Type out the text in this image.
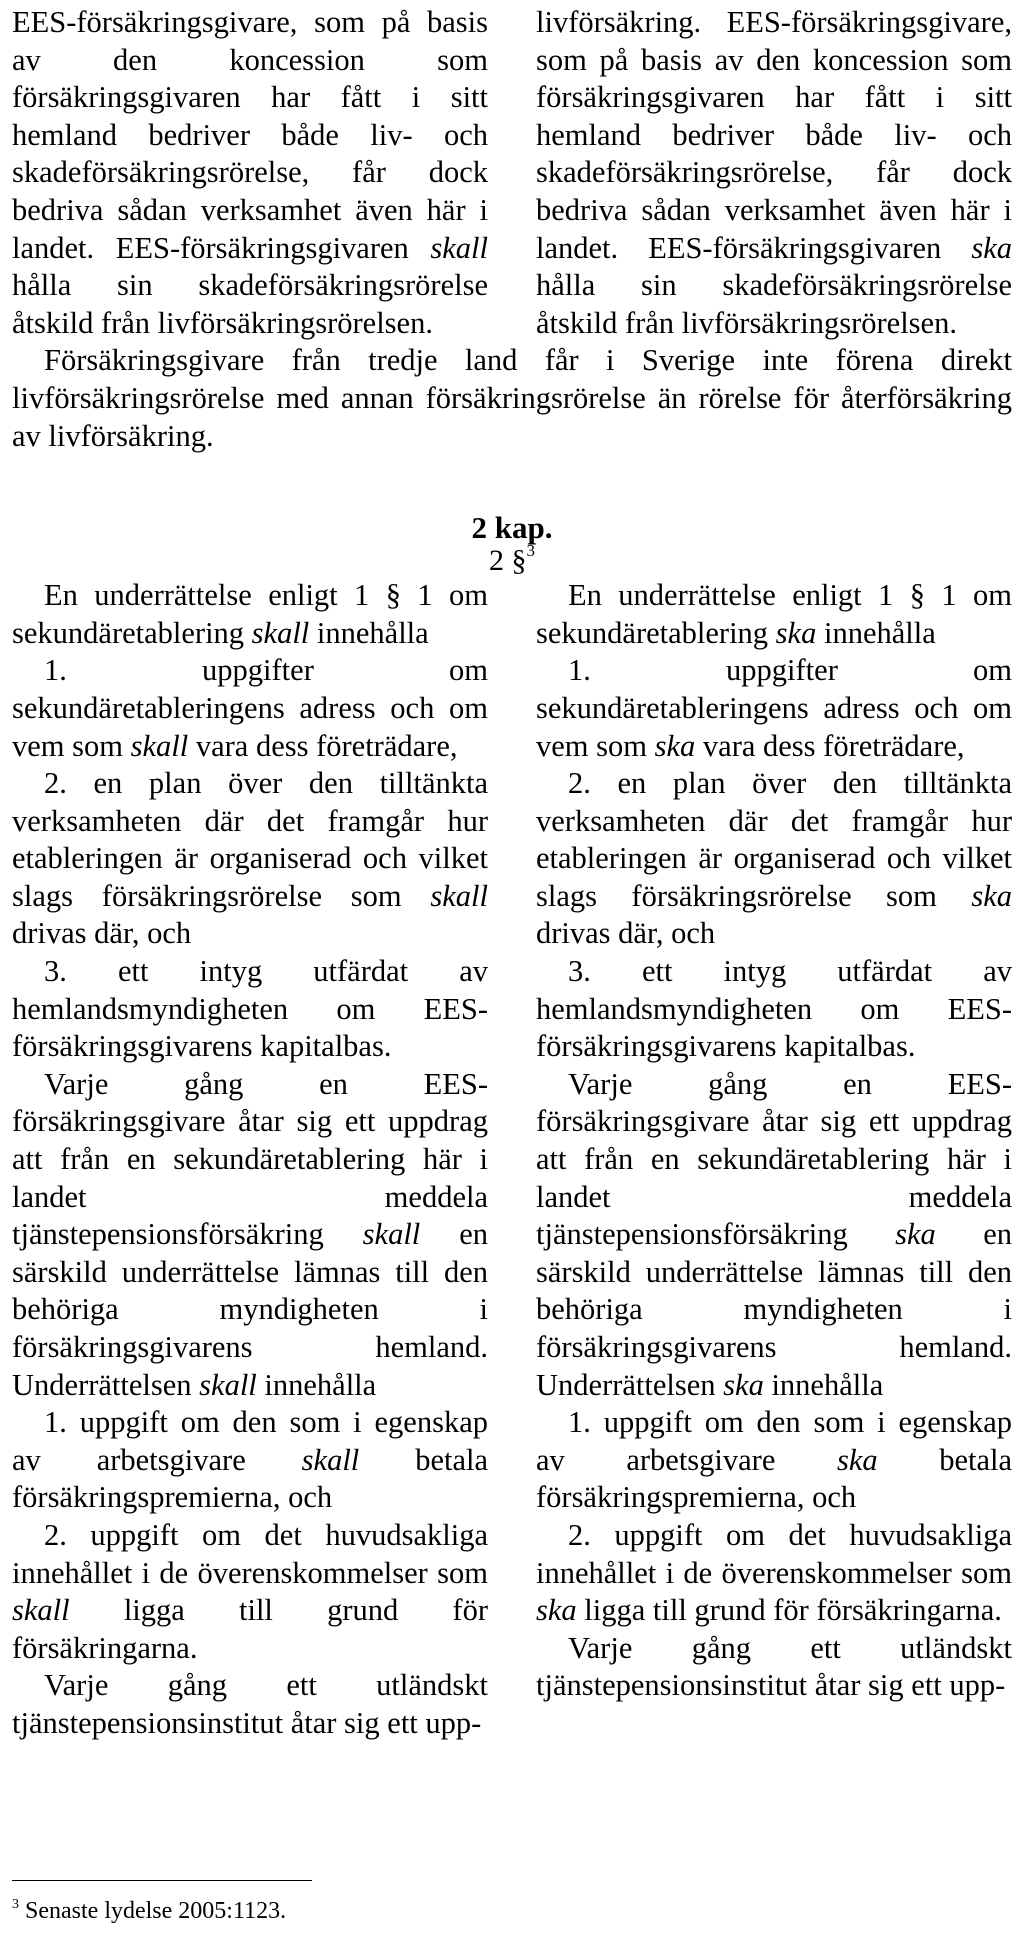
EES-försäkringsgivare, som på basis av den koncession som försäkringsgivaren har fått i sitt hemland bedriver både liv- och skadeförsäkringsrörelse, får dock bedriva sådan verksamhet även här i landet. EES-försäkringsgivaren skall hålla sin skadeförsäkringsrörelse åtskild från livförsäkringsrörelsen.

livförsäkring. EES-försäkringsgivare, som på basis av den koncession som försäkringsgivaren har fått i sitt hemland bedriver både liv- och skadeförsäkringsrörelse, får dock bedriva sådan verksamhet även här i landet. EES-försäkringsgivaren ska hålla sin skadeförsäkringsrörelse åtskild från livförsäkringsrörelsen.

Försäkringsgivare från tredje land får i Sverige inte förena direkt livförsäkringsrörelse med annan försäkringsrörelse än rörelse för återförsäkring av livförsäkring.

2 kap.
2 §$^3$

En underrättelse enligt 1 § 1 om sekundäretablering skall innehålla

1. uppgifter om sekundäretableringens adress och om vem som skall vara dess företrädare,

2. en plan över den tilltänkta verksamheten där det framgår hur etableringen är organiserad och vilket slags försäkringsrörelse som skall drivas där, och

3. ett intyg utfärdat av hemlandsmyndigheten om EES-försäkringsgivarens kapitalbas.

Varje gång en EES-försäkringsgivare åtar sig ett uppdrag att från en sekundäretablering här i landet meddela tjänstepensionsförsäkring skall en särskild underrättelse lämnas till den behöriga myndigheten i försäkringsgivarens hemland. Underrättelsen skall innehålla

1. uppgift om den som i egenskap av arbetsgivare skall betala försäkringspremierna, och

2. uppgift om det huvudsakliga innehållet i de överenskommelser som skall ligga till grund för försäkringarna.

Varje gång ett utländskt tjänstepensionsinstitut åtar sig ett upp-

En underrättelse enligt 1 § 1 om sekundäretablering ska innehålla

1. uppgifter om sekundäretableringens adress och om vem som ska vara dess företrädare,

2. en plan över den tilltänkta verksamheten där det framgår hur etableringen är organiserad och vilket slags försäkringsrörelse som ska drivas där, och

3. ett intyg utfärdat av hemlandsmyndigheten om EES-försäkringsgivarens kapitalbas.

Varje gång en EES-försäkringsgivare åtar sig ett uppdrag att från en sekundäretablering här i landet meddela tjänstepensionsförsäkring ska en särskild underrättelse lämnas till den behöriga myndigheten i försäkringsgivarens hemland. Underrättelsen ska innehålla

1. uppgift om den som i egenskap av arbetsgivare ska betala försäkringspremierna, och

2. uppgift om det huvudsakliga innehållet i de överenskommelser som ska ligga till grund för försäkringarna.

Varje gång ett utländskt tjänstepensionsinstitut åtar sig ett upp-

$^3$ Senaste lydelse 2005:1123.
